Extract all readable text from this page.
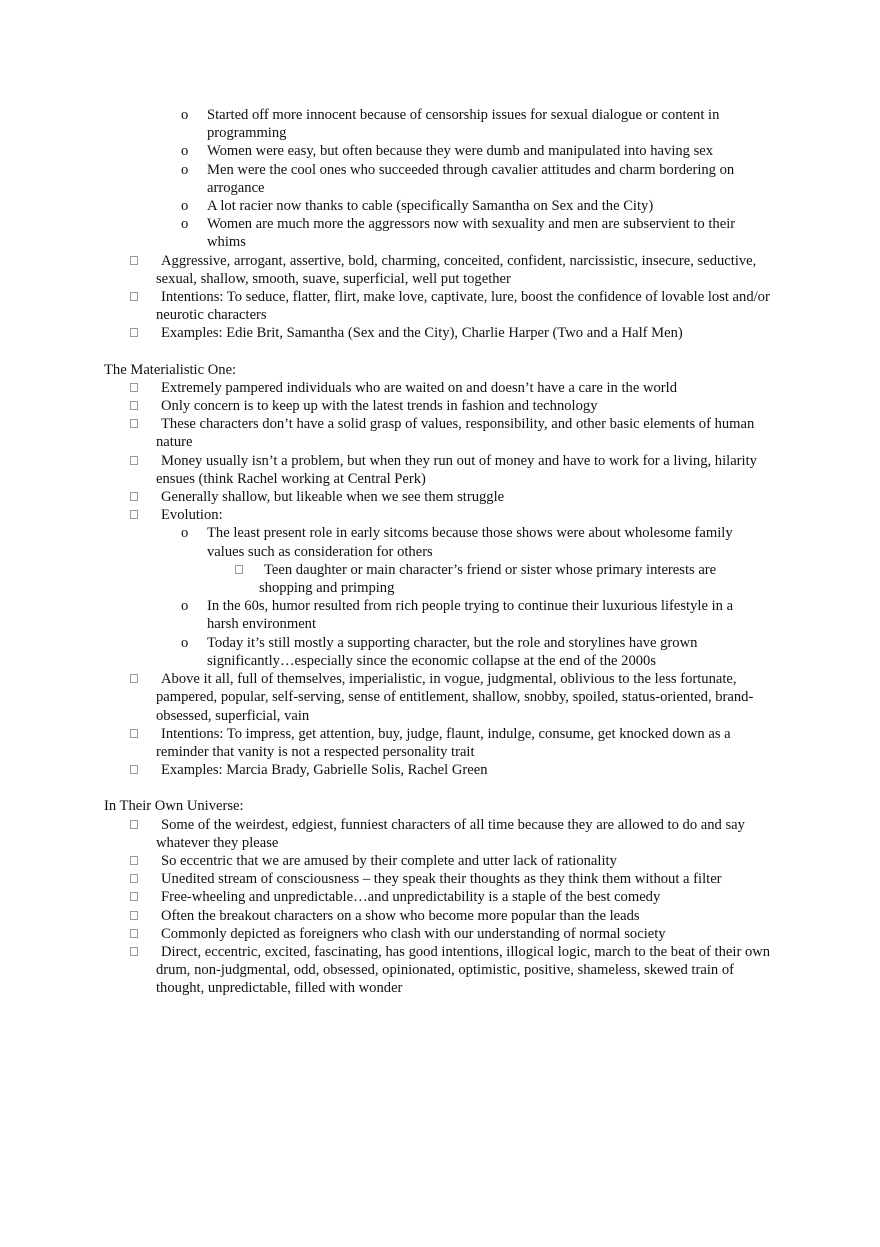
o Started off more innocent because of censorship issues for sexual dialogue or content in programming
o Women were easy, but often because they were dumb and manipulated into having sex
o Men were the cool ones who succeeded through cavalier attitudes and charm bordering on arrogance
o A lot racier now thanks to cable (specifically Samantha on Sex and the City)
o Women are much more the aggressors now with sexuality and men are subservient to their whims
Aggressive, arrogant, assertive, bold, charming, conceited, confident, narcissistic, insecure, seductive, sexual, shallow, smooth, suave, superficial, well put together
Intentions: To seduce, flatter, flirt, make love, captivate, lure, boost the confidence of lovable lost and/or neurotic characters
Examples: Edie Brit, Samantha (Sex and the City), Charlie Harper (Two and a Half Men)
The Materialistic One:
Extremely pampered individuals who are waited on and doesn’t have a care in the world
Only concern is to keep up with the latest trends in fashion and technology
These characters don’t have a solid grasp of values, responsibility, and other basic elements of human nature
Money usually isn’t a problem, but when they run out of money and have to work for a living, hilarity ensues (think Rachel working at Central Perk)
Generally shallow, but likeable when we see them struggle
Evolution:
o The least present role in early sitcoms because those shows were about wholesome family values such as consideration for others
Teen daughter or main character’s friend or sister whose primary interests are shopping and primping
o In the 60s, humor resulted from rich people trying to continue their luxurious lifestyle in a harsh environment
o Today it’s still mostly a supporting character, but the role and storylines have grown significantly…especially since the economic collapse at the end of the 2000s
Above it all, full of themselves, imperialistic, in vogue, judgmental, oblivious to the less fortunate, pampered, popular, self-serving, sense of entitlement, shallow, snobby, spoiled, status-oriented, brand-obsessed, superficial, vain
Intentions: To impress, get attention, buy, judge, flaunt, indulge, consume, get knocked down as a reminder that vanity is not a respected personality trait
Examples: Marcia Brady, Gabrielle Solis, Rachel Green
In Their Own Universe:
Some of the weirdest, edgiest, funniest characters of all time because they are allowed to do and say whatever they please
So eccentric that we are amused by their complete and utter lack of rationality
Unedited stream of consciousness – they speak their thoughts as they think them without a filter
Free-wheeling and unpredictable…and unpredictability is a staple of the best comedy
Often the breakout characters on a show who become more popular than the leads
Commonly depicted as foreigners who clash with our understanding of normal society
Direct, eccentric, excited, fascinating, has good intentions, illogical logic, march to the beat of their own drum, non-judgmental, odd, obsessed, opinionated, optimistic, positive, shameless, skewed train of thought, unpredictable, filled with wonder
